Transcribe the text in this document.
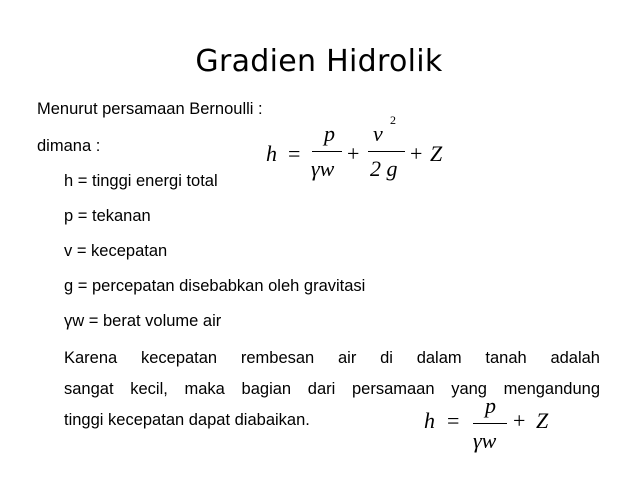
Gradien Hidrolik
Menurut persamaan Bernoulli :
dimana :
h = tinggi energi total
p = tekanan
v = kecepatan
g = percepatan disebabkan oleh gravitasi
γw = berat volume air
Karena kecepatan rembesan air di dalam tanah adalah
sangat kecil, maka bagian dari persamaan yang mengandung
tinggi kecepatan dapat diabaikan.
h =
p
γw
+
v
2
2 g
+ Z
h =
p
γw
+ Z
